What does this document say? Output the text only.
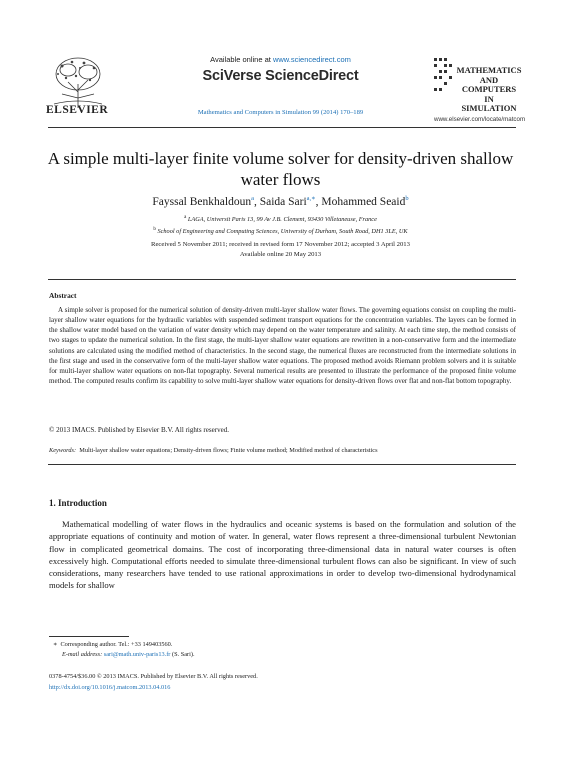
ELSEVIER
Available online at www.sciencedirect.com
SciVerse ScienceDirect
Mathematics and Computers in Simulation 99 (2014) 170–189
MATHEMATICS
AND
COMPUTERS
IN SIMULATION
www.elsevier.com/locate/matcom
A simple multi-layer finite volume solver for density-driven shallow water flows
Fayssal Benkhaldoun$^a$, Saida Sari$^{a,∗}$, Mohammed Seaid$^b$
$^a$ LAGA, Universit Paris 13, 99 Av J.B. Clement, 93430 Villetaneuse, France
$^b$ School of Engineering and Computing Sciences, University of Durham, South Road, DH1 3LE, UK
Received 5 November 2011; received in revised form 17 November 2012; accepted 3 April 2013
Available online 20 May 2013
Abstract

A simple solver is proposed for the numerical solution of density-driven multi-layer shallow water flows. The governing equations consist on coupling the multi-layer shallow water equations for the hydraulic variables with suspended sediment transport equations for the concentration variables. The layers can be formed in the shallow water model based on the variation of water density which may depend on the water temperature and salinity. At each time step, the method consists of two stages to update the numerical solution. In the first stage, the multi-layer shallow water equations are rewritten in a non-conservative form and the intermediate solutions are calculated using the modified method of characteristics. In the second stage, the numerical fluxes are reconstructed from the intermediate solutions in the first stage and used in the conservative form of the multi-layer shallow water equations. The proposed method avoids Riemann problem solvers and it is suitable for multi-layer shallow water equations on non-flat topography. Several numerical results are presented to illustrate the performance of the proposed finite volume method. The computed results confirm its capability to solve multi-layer shallow water equations for density-driven flows over flat and non-flat bottom topography.

© 2013 IMACS. Published by Elsevier B.V. All rights reserved.
Keywords: Multi-layer shallow water equations; Density-driven flows; Finite volume method; Modified method of characteristics
1. Introduction

Mathematical modelling of water flows in the hydraulics and oceanic systems is based on the formulation and solution of the appropriate equations of continuity and motion of water. In general, water flows represent a three-dimensional turbulent Newtonian flow in complicated geometrical domains. The cost of incorporating three-dimensional data in natural water courses is often excessively high. Computational efforts needed to simulate three-dimensional turbulent flows can also be significant. In view of such considerations, many researchers have tended to use rational approximations in order to develop two-dimensional hydrodynamical models for shallow

∗ Corresponding author. Tel.: +33 149403560.
E-mail address: sari@math.univ-paris13.fr (S. Sari).
0378-4754/$36.00 © 2013 IMACS. Published by Elsevier B.V. All rights reserved.
http://dx.doi.org/10.1016/j.matcom.2013.04.016
